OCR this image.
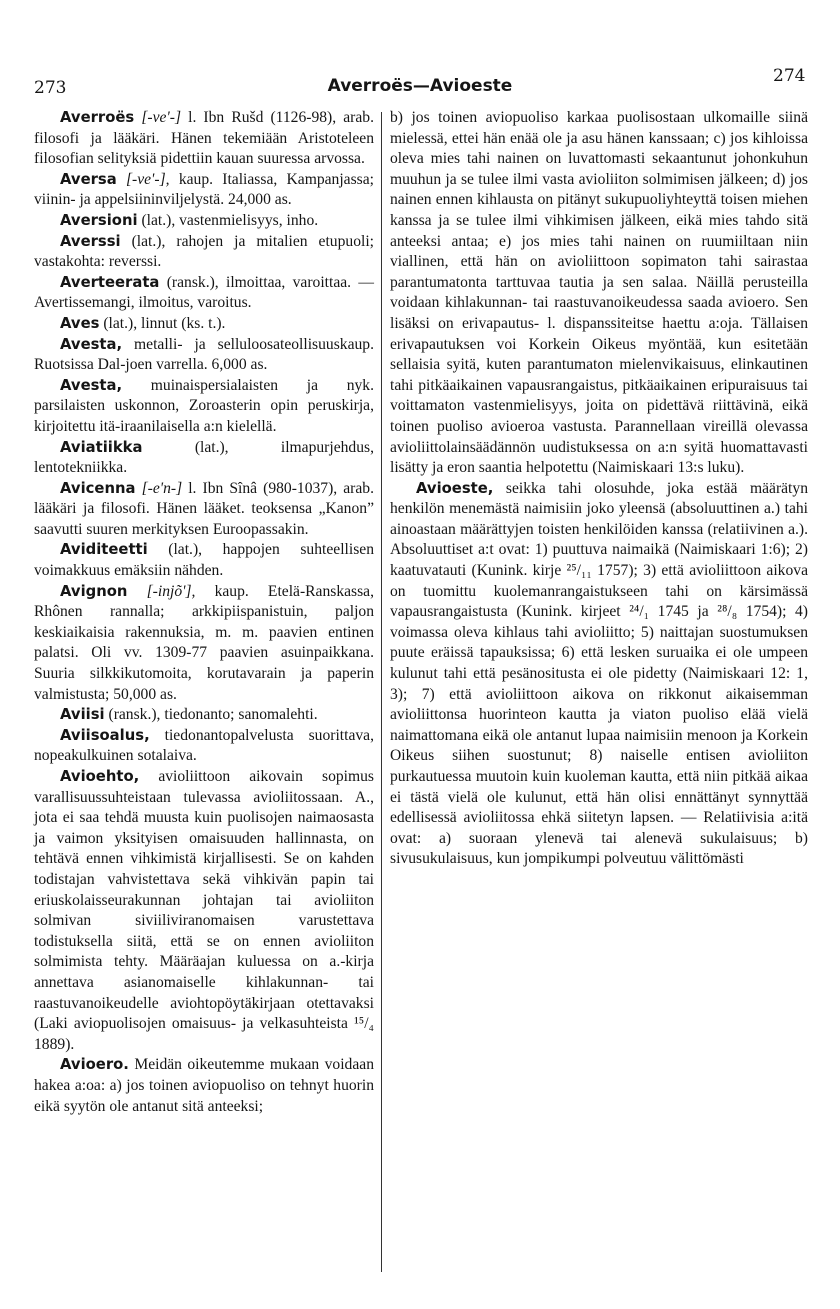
273	Averroës—Avioeste	274

Averroës [-ve'-] l. Ibn Rušd (1126-98), arab. filosofi ja lääkäri. Hänen tekemiään Aristoteleen filosofian selityksiä pidettiin kauan suuressa arvossa.

Aversa [-ve'-], kaup. Italiassa, Kampanjassa; viinin- ja appelsiininviljelystä. 24,000 as.

Aversioni (lat.), vastenmielisyys, inho.

Averssi (lat.), rahojen ja mitalien etupuoli; vastakohta: reverssi.

Averteerata (ransk.), ilmoittaa, varoittaa. — Avertissemangi, ilmoitus, varoitus.

Aves (lat.), linnut (ks. t.).

Avesta, metalli- ja selluloosateollisuuskaup. Ruotsissa Dal-joen varrella. 6,000 as.

Avesta, muinaispersialaisten ja nyk. parsilaisten uskonnon, Zoroasterin opin peruskirja, kirjoitettu itä-iraanilaisella a:n kielellä.

Aviatiikka	(lat.), ilmapurjehdus, lentotekniikka.

Avicenna [-e'n-] l. Ibn Sînâ (980-1037), arab. lääkäri ja filosofi. Hänen lääket. teoksensa „Kanon” saavutti suuren merkityksen Euroopassakin.

Aviditeetti (lat.), happojen suhteellisen voimakkuus emäksiin nähden.

Avignon [-injõ'], kaup. Etelä-Ranskassa, Rhônen rannalla; arkkipiispanistuin, paljon keskiaikaisia rakennuksia, m. m. paavien entinen palatsi. Oli vv. 1309-77 paavien asuinpaikkana. Suuria silkkikutomoita, korutavarain ja paperin valmistusta; 50,000 as.

Aviisi (ransk.), tiedonanto; sanomalehti.

Aviisoalus, tiedonantopalvelusta suorittava, nopeakulkuinen sotalaiva.

Avioehto, avioliittoon aikovain sopimus varallisuussuhteistaan tulevassa avioliitossaan. A., jota ei saa tehdä muusta kuin puolisojen naimaosasta ja vaimon yksityisen omaisuuden hallinnasta, on tehtävä ennen vihkimistä kirjallisesti. Se on kahden todistajan vahvistettava sekä vihkivän papin tai eriuskolaisseurakunnan johtajan tai avioliiton solmivan siviiliviranomaisen varustettava todistuksella siitä, että se on ennen avioliiton solmimista tehty. Määräajan kuluessa on a.-kirja annettava asianomaiselle kihlakunnan- tai raastuvanoikeudelle aviohtopöytäkirjaan otettavaksi (Laki aviopuolisojen omaisuus- ja velkasuhteista ¹⁵/₄ 1889).

Avioero. Meidän oikeutemme mukaan voidaan hakea a:oa: a) jos toinen aviopuoliso on tehnyt huorin eikä syytön ole antanut sitä anteeksi;

b) jos toinen aviopuoliso karkaa puolisostaan ulkomaille siinä mielessä, ettei hän enää ole ja asu hänen kanssaan; c) jos kihloissa oleva mies tahi nainen on luvattomasti sekaantunut johonkuhun muuhun ja se tulee ilmi vasta avioliiton solmimisen jälkeen; d) jos nainen ennen kihlausta on pitänyt sukupuoliyhteyttä toisen miehen kanssa ja se tulee ilmi vihkimisen jälkeen, eikä mies tahdo sitä anteeksi antaa; e) jos mies tahi nainen on ruumiiltaan niin viallinen, että hän on avioliittoon sopimaton tahi sairastaa parantumatonta tarttuvaa tautia ja sen salaa. Näillä perusteilla voidaan kihlakunnan- tai raastuvanoikeudessa saada avioero. Sen lisäksi on erivapautus- l. dispanssiteitse haettu a:oja. Tällaisen erivapautuksen voi Korkein Oikeus myöntää, kun esitetään sellaisia syitä, kuten parantumaton mielenvikaisuus, elinkautinen tahi pitkäaikainen vapausrangaistus, pitkäaikainen eripuraisuus tai voittamaton vastenmielisyys, joita on pidettävä riittävinä, eikä toinen puoliso avioeroa vastusta. Parannellaan vireillä olevassa avioliittolainsäädännön uudistuksessa on a:n syitä huomattavasti lisätty ja eron saantia helpotettu (Naimiskaari 13:s luku).

Avioeste, seikka tahi olosuhde, joka estää määrätyn henkilön menemästä naimisiin joko yleensä (absoluuttinen a.) tahi ainoastaan määrättyjen toisten henkilöiden kanssa (relatiivinen a.). Absoluuttiset a:t ovat: 1) puuttuva naimaikä (Naimiskaari 1:6); 2) kaatuvatauti (Kunink. kirje ²⁵/₁₁ 1757); 3) että avioliittoon aikova on tuomittu kuolemanrangaistukseen tahi on kärsimässä vapausrangaistusta (Kunink. kirjeet ²⁴/₁ 1745 ja ²⁸/₈ 1754); 4) voimassa oleva kihlaus tahi avioliitto; 5) naittajan suostumuksen puute eräissä tapauksissa; 6) että lesken suruaika ei ole umpeen kulunut tahi että pesänositusta ei ole pidetty (Naimiskaari 12: 1, 3); 7) että avioliittoon aikova on rikkonut aikaisemman avioliittonsa huorinteon kautta ja viaton puoliso elää vielä naimattomana eikä ole antanut lupaa naimisiin menoon ja Korkein Oikeus siihen suostunut; 8) naiselle entisen avioliiton purkautuessa muutoin kuin kuoleman kautta, että niin pitkää aikaa ei tästä vielä ole kulunut, että hän olisi ennättänyt synnyttää edellisessä avioliitossa ehkä siitetyn lapsen. — Relatiivisia a:itä ovat: a) suoraan ylenevä tai alenevä sukulaisuus; b) sivusukulaisuus, kun jompikumpi polveutuu välittömästi
